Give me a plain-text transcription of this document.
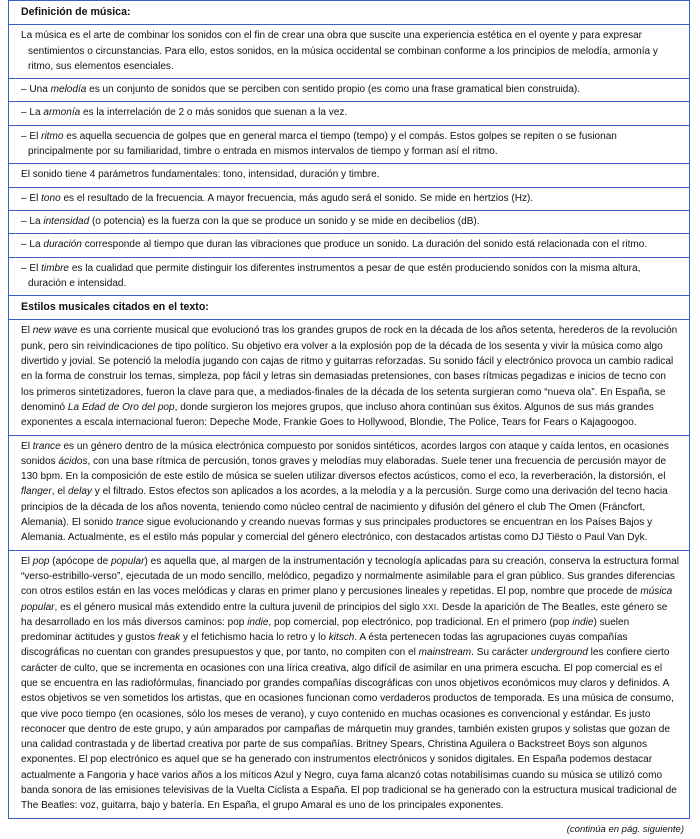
Definición de música:

La música es el arte de combinar los sonidos con el fin de crear una obra que suscite una experiencia estética en el oyente y para expresar sentimientos o circunstancias. Para ello, estos sonidos, en la música occidental se combinan conforme a los principios de melodía, armonía y ritmo, sus elementos esenciales.

– Una melodía es un conjunto de sonidos que se perciben con sentido propio (es como una frase gramatical bien construida).

– La armonía es la interrelación de 2 o más sonidos que suenan a la vez.

– El ritmo es aquella secuencia de golpes que en general marca el tiempo (tempo) y el compás. Estos golpes se repiten o se fusionan principalmente por su familiaridad, timbre o entrada en mismos intervalos de tiempo y forman así el ritmo.

El sonido tiene 4 parámetros fundamentales: tono, intensidad, duración y timbre.

– El tono es el resultado de la frecuencia. A mayor frecuencia, más agudo será el sonido. Se mide en hertzios (Hz).

– La intensidad (o potencia) es la fuerza con la que se produce un sonido y se mide en decibelios (dB).

– La duración corresponde al tiempo que duran las vibraciones que produce un sonido. La duración del sonido está relacionada con el ritmo.

– El timbre es la cualidad que permite distinguir los diferentes instrumentos a pesar de que estén produciendo sonidos con la misma altura, duración e intensidad.

Estilos musicales citados en el texto:

El new wave es una corriente musical que evolucionó tras los grandes grupos de rock en la década de los años setenta, herederos de la revolución punk, pero sin reivindicaciones de tipo político. Su objetivo era volver a la explosión pop de la década de los sesenta y vivir la música como algo divertido y jovial. Se potenció la melodía jugando con cajas de ritmo y guitarras reforzadas. Su sonido fácil y electrónico provoca un cambio radical en la forma de construir los temas, simpleza, pop fácil y letras sin demasiadas pretensiones, con bases rítmicas pegadizas e inicios de tecno con los primeros sintetizadores, fueron la clave para que, a mediados-finales de la década de los setenta surgieran como “nueva ola”. En España, se denominó La Edad de Oro del pop, donde surgieron los mejores grupos, que incluso ahora continúan sus éxitos. Algunos de sus más grandes exponentes a escala internacional fueron: Depeche Mode, Frankie Goes to Hollywood, Blondie, The Police, Tears for Fears o Kajagoogoo.

El trance es un género dentro de la música electrónica compuesto por sonidos sintéticos, acordes largos con ataque y caída lentos, en ocasiones sonidos ácidos, con una base rítmica de percusión, tonos graves y melodías muy elaboradas. Suele tener una frecuencia de percusión mayor de 130 bpm. En la composición de este estilo de música se suelen utilizar diversos efectos acústicos, como el eco, la reverberación, la distorsión, el flanger, el delay y el filtrado. Estos efectos son aplicados a los acordes, a la melodía y a la percusión. Surge como una derivación del tecno hacia principios de la década de los años noventa, teniendo como núcleo central de nacimiento y difusión del género el club The Omen (Fráncfort, Alemania). El sonido trance sigue evolucionando y creando nuevas formas y sus principales productores se encuentran en los Países Bajos y Alemania. Actualmente, es el estilo más popular y comercial del género electrónico, con destacados artistas como DJ Tiësto o Paul Van Dyk.

El pop (apócope de popular) es aquella que, al margen de la instrumentación y tecnología aplicadas para su creación, conserva la estructura formal “verso-estribillo-verso”, ejecutada de un modo sencillo, melódico, pegadizo y normalmente asimilable para el gran público. Sus grandes diferencias con otros estilos están en las voces melódicas y claras en primer plano y percusiones lineales y repetidas. El pop, nombre que procede de música popular, es el género musical más extendido entre la cultura juvenil de principios del siglo XXI. Desde la aparición de The Beatles, este género se ha desarrollado en los más diversos caminos: pop indie, pop comercial, pop electrónico, pop tradicional. En el primero (pop indie) suelen predominar actitudes y gustos freak y el fetichismo hacia lo retro y lo kitsch. A ésta pertenecen todas las agrupaciones cuyas compañías discográficas no cuentan con grandes presupuestos y que, por tanto, no compiten con el mainstream. Su carácter underground les confiere cierto carácter de culto, que se incrementa en ocasiones con una lírica creativa, algo difícil de asimilar en una primera escucha. El pop comercial es el que se encuentra en las radiofórmulas, financiado por grandes compañías discográficas con unos objetivos económicos muy claros y definidos. A estos objetivos se ven sometidos los artistas, que en ocasiones funcionan como verdaderos productos de temporada. Es una música de consumo, que vive poco tiempo (en ocasiones, sólo los meses de verano), y cuyo contenido en muchas ocasiones es convencional y estándar. Es justo reconocer que dentro de este grupo, y aún amparados por campañas de márquetin muy grandes, también existen grupos y solistas que gozan de una calidad contrastada y de libertad creativa por parte de sus compañías. Britney Spears, Christina Aguilera o Backstreet Boys son algunos exponentes. El pop electrónico es aquel que se ha generado con instrumentos electrónicos y sonidos digitales. En España podemos destacar actualmente a Fangoria y hace varios años a los míticos Azul y Negro, cuya fama alcanzó cotas notabilísimas cuando su música se utilizó como banda sonora de las emisiones televisivas de la Vuelta Ciclista a España. El pop tradicional se ha generado con la estructura musical tradicional de The Beatles: voz, guitarra, bajo y batería. En España, el grupo Amaral es uno de los principales exponentes.

(continúa en pág. siguiente)
